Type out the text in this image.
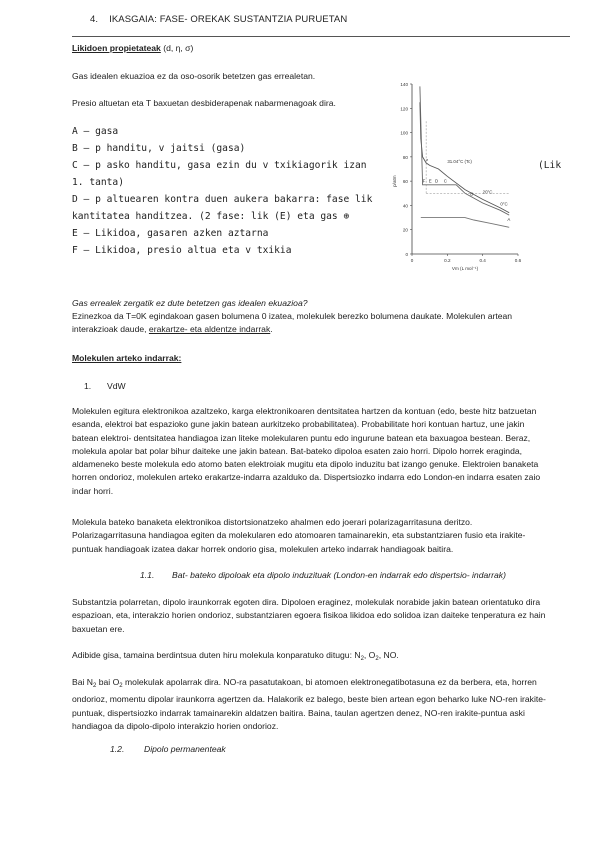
4.    IKASGAIA: FASE- OREKAK SUSTANTZIA PURUETAN
Likidoen propietateak (d, η, σ)
Gas idealen ekuazioa ez da oso-osorik betetzen gas errealetan.
Presio altuetan eta T baxuetan desbiderapenak nabarmenagoak dira.
A – gasa
B – p handitu, v jaitsi (gasa)
C – p asko handitu, gasa ezin du v txikiagorik izan	(Lik
1. tanta)
D – p altuearen kontra duen aukera bakarra: fase lik
kantitatea handitzea. (2 fase: lik (E) eta gas ⊕
E – Likidoa, gasaren azken aztarna
F – Likidoa, presio altua eta v txikia	0
20
40
60
80
100
120
140
0	0.2	0.4	0.6
p/atm
Vm (L mol⁻¹)
31.04°C (Tc)
20°C
0°C
*
F E D C
B
A
Gas errealek zergatik ez dute betetzen gas idealen ekuazioa?
Ezinezkoa da T=0K egindakoan gasen bolumena 0 izatea, molekulek berezko bolumena daukate. Molekulen artean interakzioak daude, erakartze- eta aldentze indarrak.
Molekulen arteko indarrak:
1.	VdW
Molekulen egitura elektronikoa azaltzeko, karga elektronikoaren dentsitatea hartzen da kontuan (edo, beste hitz batzuetan esanda, elektroi bat espazioko gune jakin batean aurkitzeko probabilitatea). Probabilitate hori kontuan hartuz, une jakin batean elektroi- dentsitatea handiagoa izan liteke molekularen puntu edo ingurune batean eta baxuagoa bestean. Beraz, molekula apolar bat polar bihur daiteke une jakin batean. Bat-bateko dipoloa esaten zaio horri. Dipolo horrek eraginda, aldameneko beste molekula edo atomo baten elektroiak mugitu eta dipolo induzitu bat izango genuke. Elektroien banaketa horren ondorioz, molekulen arteko erakartze-indarra azalduko da. Dispertsiozko indarra edo London-en indarra esaten zaio indar horri.
Molekula bateko banaketa elektronikoa distortsionatzeko ahalmen edo joerari polarizagarritasuna deritzo. Polarizagarritasuna handiagoa egiten da molekularen edo atomoaren tamainarekin, eta substantziaren fusio eta irakite-puntuak handiagoak izatea dakar horrek ondorio gisa, molekulen arteko indarrak handiagoak baitira.
1.1.	Bat- bateko dipoloak eta dipolo induzituak (London-en indarrak edo dispertsio- indarrak)
Substantzia polarretan, dipolo iraunkorrak egoten dira. Dipoloen eraginez, molekulak norabide jakin batean orientatuko dira espazioan, eta, interakzio horien ondorioz, substantziaren egoera fisikoa likidoa edo solidoa izan daiteke tenperatura ez hain baxuetan ere.
Adibide gisa, tamaina berdintsua duten hiru molekula konparatuko ditugu: $N_2$, $O_2$, NO.
Bai $N_2$ bai $O_2$ molekulak apolarrak dira. NO-ra pasatutakoan, bi atomoen elektronegatibotasuna ez da berbera, eta, horren ondorioz, momentu dipolar iraunkorra agertzen da. Halakorik ez balego, beste bien artean egon beharko luke NO-ren irakite- puntuak, dispertsiozko indarrak tamainarekin aldatzen baitira. Baina, taulan agertzen denez, NO-ren irakite-puntua aski handiagoa da dipolo-dipolo interakzio horien ondorioz.
1.2.	Dipolo permanenteak
